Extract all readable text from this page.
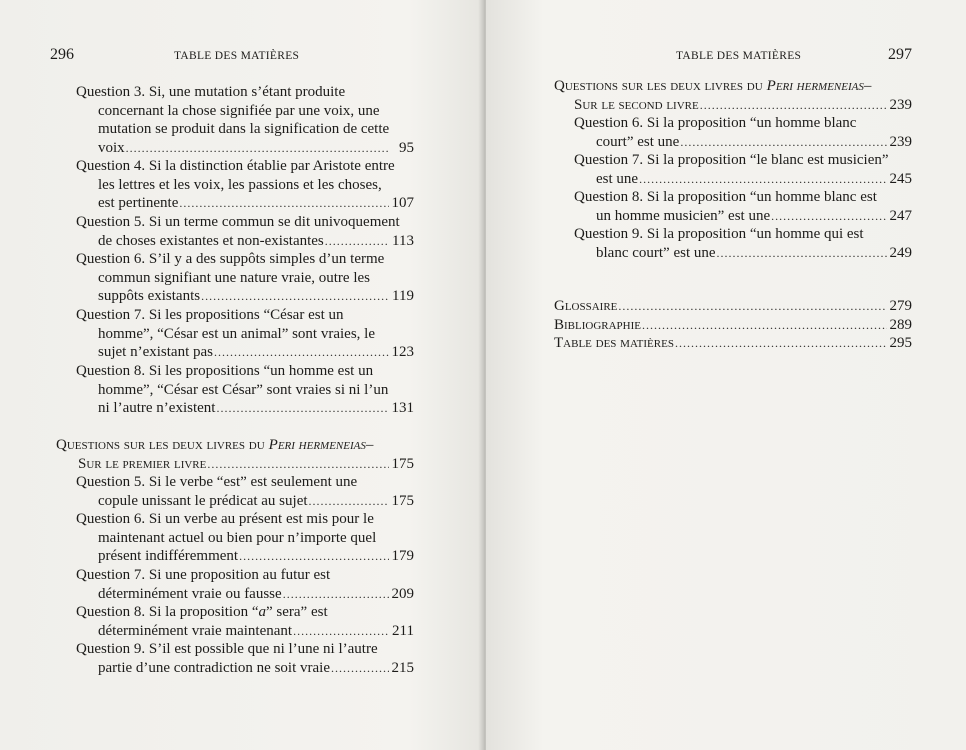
296	TABLE DES MATIÈRES
Question 3. Si, une mutation s’étant produite
concernant la chose signifiée par une voix, une
mutation se produit dans la signification de cette
voix .....	95
Question 4. Si la distinction établie par Aristote entre
les lettres et les voix, les passions et les choses,
est pertinente .....	107
Question 5. Si un terme commun se dit univoquement
de choses existantes et non-existantes .....	113
Question 6. S’il y a des suppôts simples d’un terme
commun signifiant une nature vraie, outre les
suppôts existants .....	119
Question 7. Si les propositions “César est un
homme”, “César est un animal” sont vraies, le
sujet n’existant pas .....	123
Question 8. Si les propositions “un homme est un
homme”, “César est César” sont vraies si ni l’un
ni l’autre n’existent .....	131
Questions sur les deux livres du Peri hermeneias –
Sur le premier livre .....	175
Question 5. Si le verbe “est” est seulement une
copule unissant le prédicat au sujet .....	175
Question 6. Si un verbe au présent est mis pour le
maintenant actuel ou bien pour n’importe quel
présent indifféremment .....	179
Question 7. Si une proposition au futur est
déterminément vraie ou fausse .....	209
Question 8. Si la proposition “ a ” sera” est
déterminément vraie maintenant .....	211
Question 9. S’il est possible que ni l’une ni l’autre
partie d’une contradiction ne soit vraie .....	215
TABLE DES MATIÈRES	297
Questions sur les deux livres du Peri hermeneias –
Sur le second livre .....	239
Question 6. Si la proposition “un homme blanc
court” est une .....	239
Question 7. Si la proposition “le blanc est musicien”
est une .....	245
Question 8. Si la proposition “un homme blanc est
un homme musicien” est une .....	247
Question 9. Si la proposition “un homme qui est
blanc court” est une .....	249
Glossaire .....	279
Bibliographie .....	289
Table des matières .....	295
